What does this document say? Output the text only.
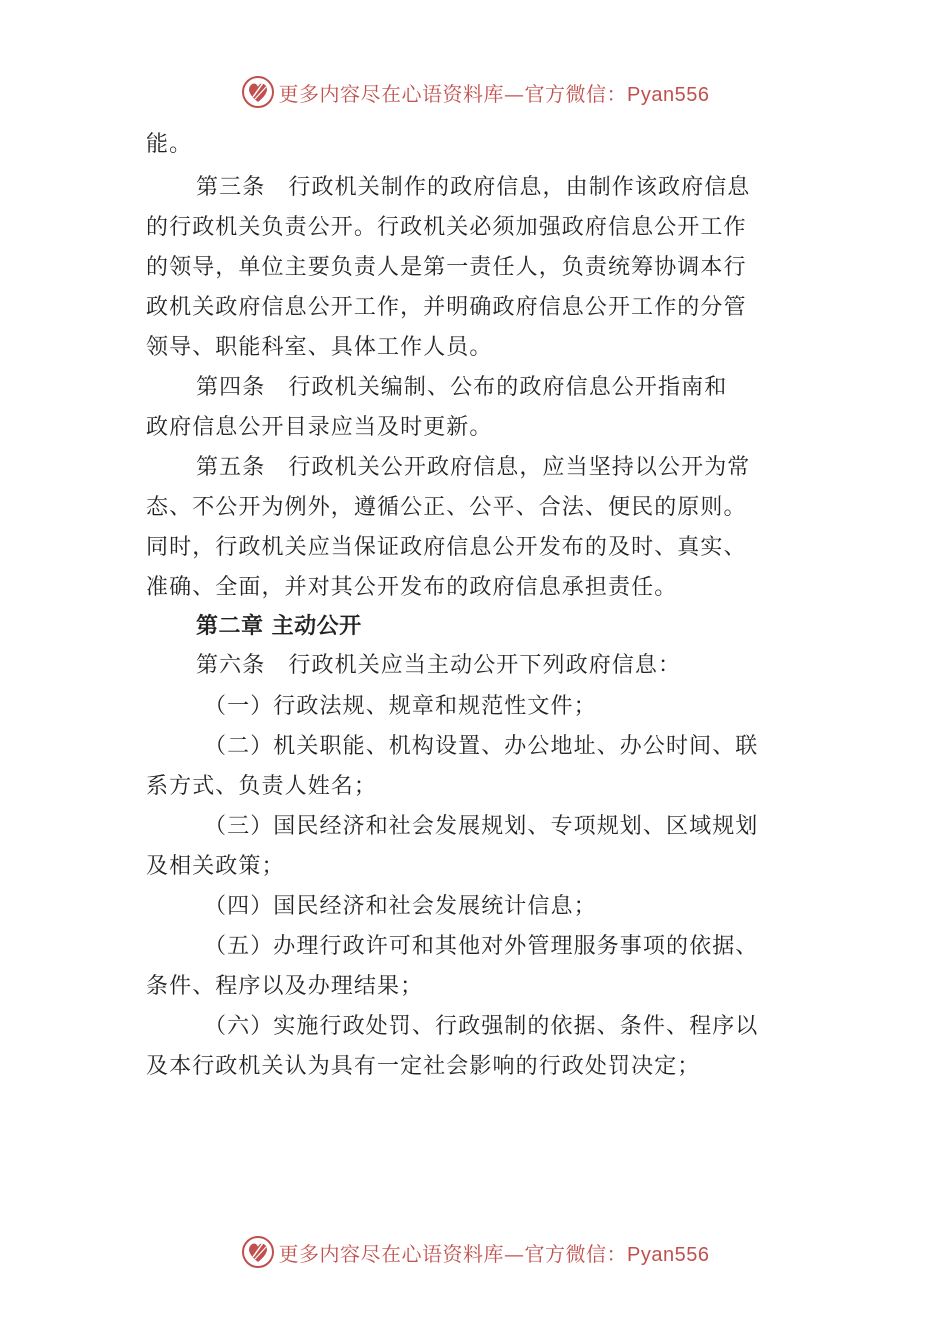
更多内容尽在心语资料库—官方微信：Pyan556
能。
第三条　行政机关制作的政府信息，由制作该政府信息
的行政机关负责公开。行政机关必须加强政府信息公开工作
的领导，单位主要负责人是第一责任人，负责统筹协调本行
政机关政府信息公开工作，并明确政府信息公开工作的分管
领导、职能科室、具体工作人员。
第四条　行政机关编制、公布的政府信息公开指南和
政府信息公开目录应当及时更新。
第五条　行政机关公开政府信息，应当坚持以公开为常
态、不公开为例外，遵循公正、公平、合法、便民的原则。
同时，行政机关应当保证政府信息公开发布的及时、真实、
准确、全面，并对其公开发布的政府信息承担责任。
第二章 主动公开
第六条　行政机关应当主动公开下列政府信息：
（一）行政法规、规章和规范性文件；
（二）机关职能、机构设置、办公地址、办公时间、联
系方式、负责人姓名；
（三）国民经济和社会发展规划、专项规划、区域规划
及相关政策；
（四）国民经济和社会发展统计信息；
（五）办理行政许可和其他对外管理服务事项的依据、
条件、程序以及办理结果；
（六）实施行政处罚、行政强制的依据、条件、程序以
及本行政机关认为具有一定社会影响的行政处罚决定；
更多内容尽在心语资料库—官方微信：Pyan556
